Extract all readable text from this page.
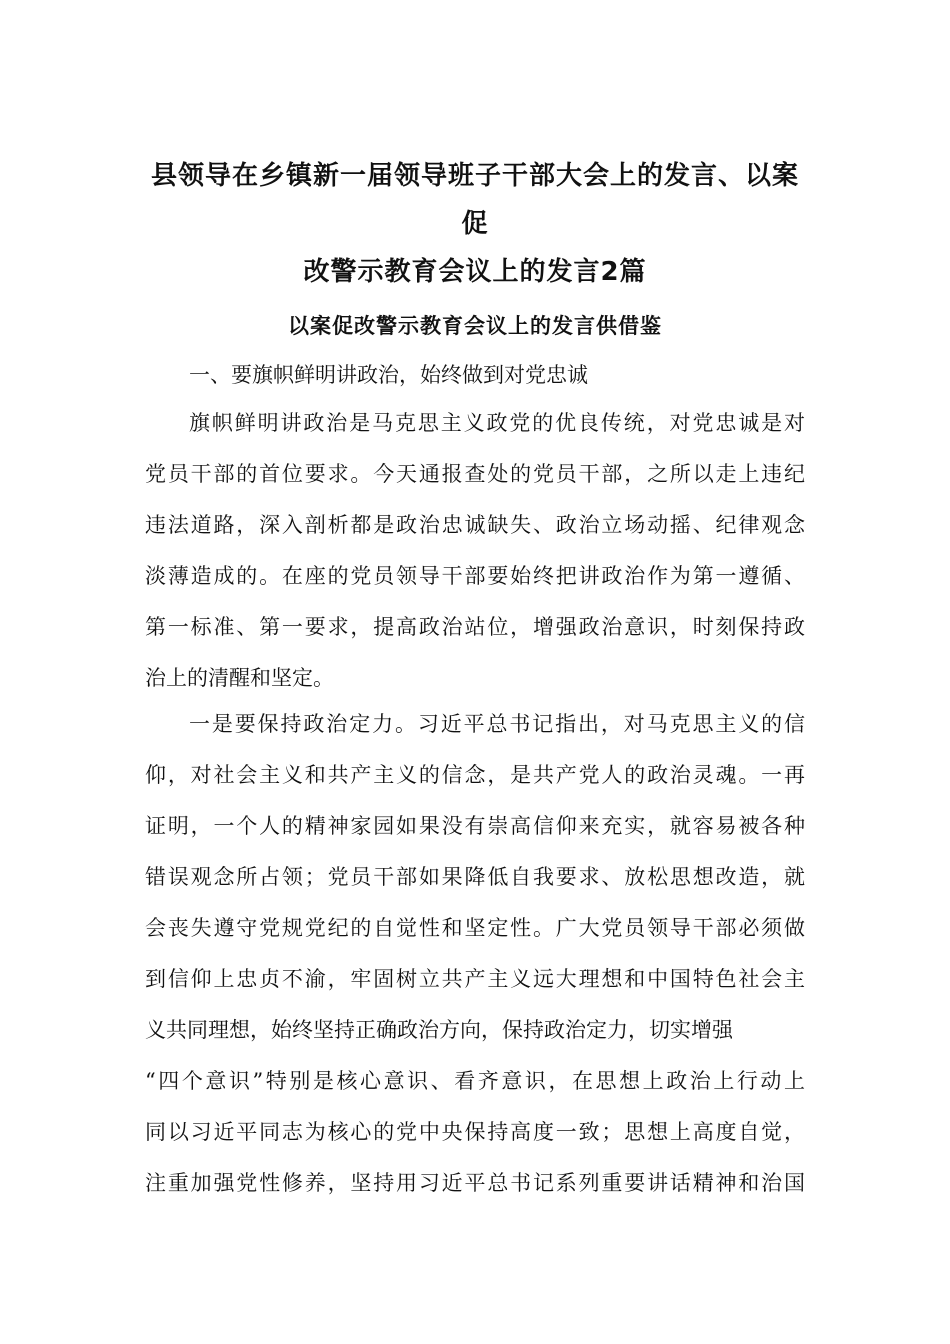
县领导在乡镇新一届领导班子干部大会上的发言、以案促
改警示教育会议上的发言2篇
以案促改警示教育会议上的发言供借鉴

一、要旗帜鲜明讲政治，始终做到对党忠诚

旗帜鲜明讲政治是马克思主义政党的优良传统，对党忠诚是对
党员干部的首位要求。今天通报查处的党员干部，之所以走上违纪
违法道路，深入剖析都是政治忠诚缺失、政治立场动摇、纪律观念
淡薄造成的。在座的党员领导干部要始终把讲政治作为第一遵循、
第一标准、第一要求，提高政治站位，增强政治意识，时刻保持政
治上的清醒和坚定。
一是要保持政治定力。习近平总书记指出，对马克思主义的信
仰，对社会主义和共产主义的信念，是共产党人的政治灵魂。一再
证明，一个人的精神家园如果没有崇高信仰来充实，就容易被各种
错误观念所占领；党员干部如果降低自我要求、放松思想改造，就
会丧失遵守党规党纪的自觉性和坚定性。广大党员领导干部必须做
到信仰上忠贞不渝，牢固树立共产主义远大理想和中国特色社会主
义共同理想，始终坚持正确政治方向，保持政治定力，切实增强
“四个意识”特别是核心意识、看齐意识，在思想上政治上行动上
同以习近平同志为核心的党中央保持高度一致；思想上高度自觉，
注重加强党性修养，坚持用习近平总书记系列重要讲话精神和治国
